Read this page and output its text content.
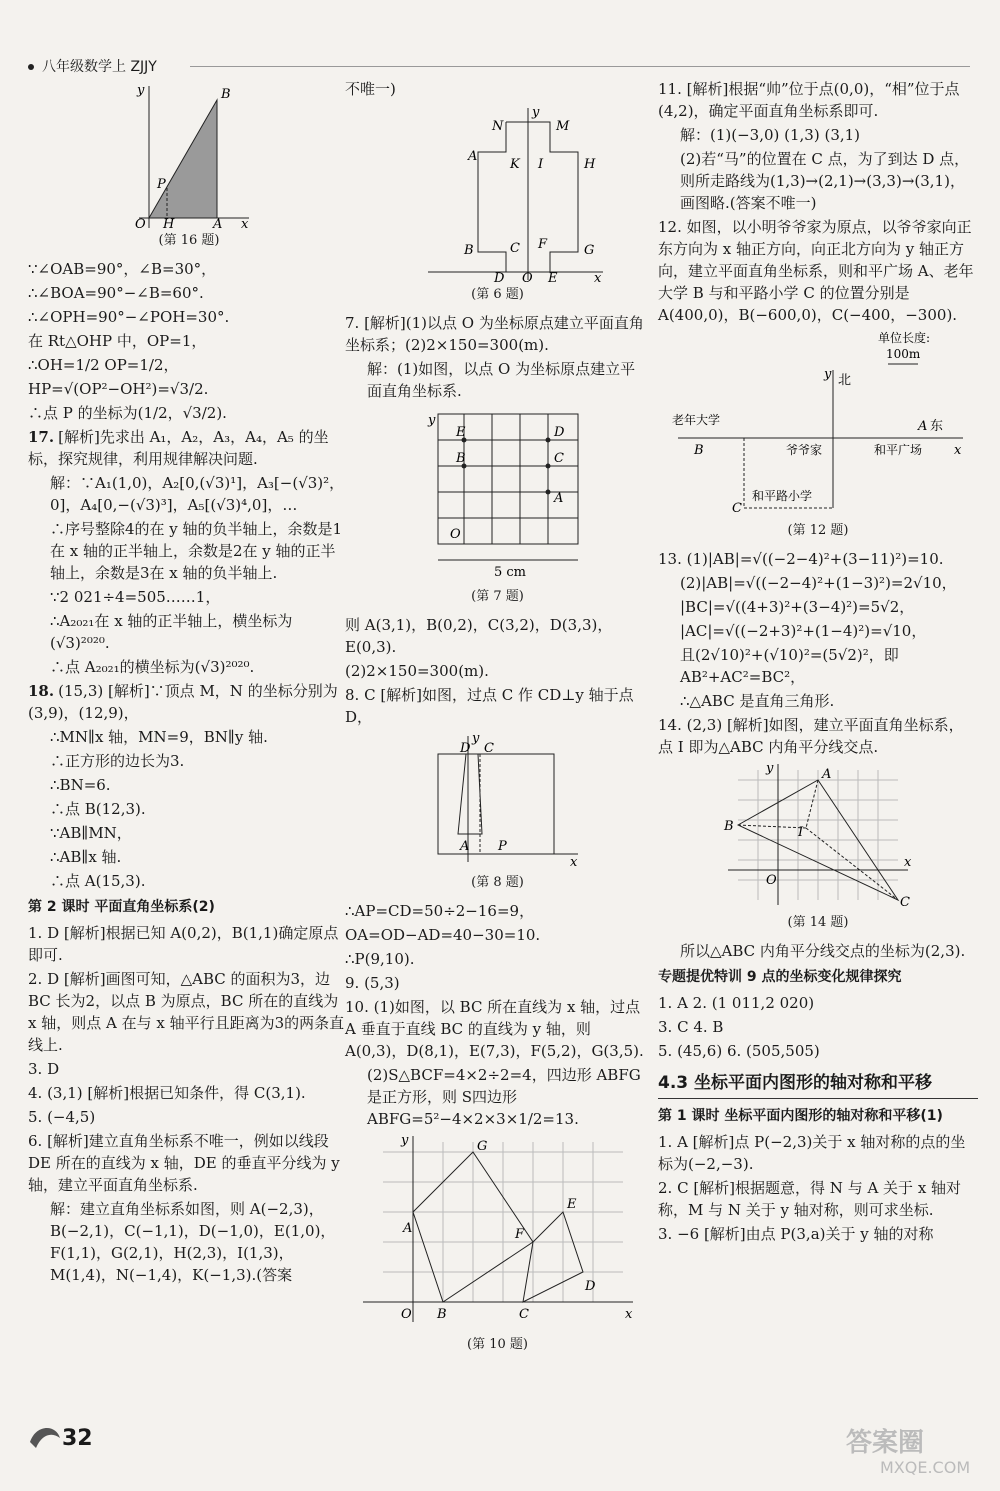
八年级数学上 ZJJY
y	B
P
O H	A x
(第 16 题)

∵∠OAB=90°，∠B=30°，

∴∠BOA=90°−∠B=60°.

∴∠OPH=90°−∠POH=30°.

在 Rt△OHP 中，OP=1，

∴OH=1/2 OP=1/2，

HP=√(OP²−OH²)=√3/2.

∴点 P 的坐标为(1/2，√3/2).

17. [解析]先求出 A₁，A₂，A₃，A₄，A₅ 的坐标，探究规律，利用规律解决问题.

解：∵A₁(1,0)，A₂[0,(√3)¹]，A₃[−(√3)²，0]，A₄[0,−(√3)³]，A₅[(√3)⁴,0]，…

∴序号整除4的在 y 轴的负半轴上，余数是1在 x 轴的正半轴上，余数是2在 y 轴的正半轴上，余数是3在 x 轴的负半轴上.

∵2 021÷4=505……1，

∴A₂₀₂₁在 x 轴的正半轴上，横坐标为(√3)²⁰²⁰.

∴点 A₂₀₂₁的横坐标为(√3)²⁰²⁰.

18. (15,3) [解析]∵顶点 M，N 的坐标分别为(3,9)，(12,9)，

∴MN∥x 轴，MN=9，BN∥y 轴.

∴正方形的边长为3.

∴BN=6.

∴点 B(12,3).

∵AB∥MN，

∴AB∥x 轴.

∴点 A(15,3).

第 2 课时 平面直角坐标系(2)

1. D [解析]根据已知 A(0,2)，B(1,1)确定原点即可.

2. D [解析]画图可知，△ABC 的面积为3，边 BC 长为2，以点 B 为原点，BC 所在的直线为 x 轴，则点 A 在与 x 轴平行且距离为3的两条直线上.

3. D

4. (3,1) [解析]根据已知条件，得 C(3,1).

5. (−4,5)

6. [解析]建立直角坐标系不唯一，例如以线段 DE 所在的直线为 x 轴，DE 的垂直平分线为 y 轴，建立平面直角坐标系.

解：建立直角坐标系如图，则 A(−2,3)，B(−2,1)，C(−1,1)，D(−1,0)，E(1,0)，F(1,1)，G(2,1)，H(2,3)，I(1,3)，M(1,4)，N(−1,4)，K(−1,3).(答案

不唯一)

y
N	M
A
K I	H
B	C F	G
D O E	x
(第 6 题)

7. [解析](1)以点 O 为坐标原点建立平面直角坐标系；(2)2×150=300(m).

解：(1)如图，以点 O 为坐标原点建立平面直角坐标系.

y
E
B
D
C
A
O
5 cm
(第 7 题)

则 A(3,1)，B(0,2)，C(3,2)，D(3,3)，E(0,3).

(2)2×150=300(m).

8. C [解析]如图，过点 C 作 CD⊥y 轴于点 D，

y
D C
A P
x
(第 8 题)

∴AP=CD=50÷2−16=9，

OA=OD−AD=40−30=10.

∴P(9,10).

9. (5,3)

10. (1)如图，以 BC 所在直线为 x 轴，过点 A 垂直于直线 BC 的直线为 y 轴，则 A(0,3)，D(8,1)，E(7,3)，F(5,2)，G(3,5).

(2)S△BCF=4×2÷2=4，四边形 ABFG 是正方形，则 S四边形ABFG=5²−4×2×3×1/2=13.

y
A
G
F
E
D
O B	C	x
(第 10 题)

11. [解析]根据“帅”位于点(0,0)，“相”位于点(4,2)，确定平面直角坐标系即可.

解：(1)(−3,0) (1,3) (3,1)

(2)若“马”的位置在 C 点，为了到达 D 点，则所走路线为(1,3)→(2,1)→(3,3)→(3,1)，画图略.(答案不唯一)

12. 如图，以小明爷爷家为原点，以爷爷家向正东方向为 x 轴正方向，向正北方向为 y 轴正方向，建立平面直角坐标系，则和平广场 A、老年大学 B 与和平路小学 C 的位置分别是 A(400,0)，B(−600,0)，C(−400，−300).

单位长度:
100m
北
y
x
老年大学
B
A 东
爷爷家	和平广场
和平路小学
C
(第 12 题)

13. (1)|AB|=√((−2−4)²+(3−11)²)=10.

(2)|AB|=√((−2−4)²+(1−3)²)=2√10，

|BC|=√((4+3)²+(3−4)²)=5√2，

|AC|=√((−2+3)²+(1−4)²)=√10，

且(2√10)²+(√10)²=(5√2)²，即 AB²+AC²=BC²，

∴△ABC 是直角三角形.

14. (2,3) [解析]如图，建立平面直角坐标系，点 I 即为△ABC 内角平分线交点.

y	A
B	I
O
C
x
(第 14 题)

所以△ABC 内角平分线交点的坐标为(2,3).

专题提优特训 9 点的坐标变化规律探究

1. A 2. (1 011,2 020)

3. C 4. B

5. (45,6) 6. (505,505)

4.3 坐标平面内图形的轴对称和平移
第 1 课时 坐标平面内图形的轴对称和平移(1)

1. A [解析]点 P(−2,3)关于 x 轴对称的点的坐标为(−2,−3).

2. C [解析]根据题意，得 N 与 A 关于 x 轴对称，M 与 N 关于 y 轴对称，则可求坐标.

3. −6 [解析]由点 P(3,a)关于 y 轴的对称

32	答案圈
MXQE.COM
